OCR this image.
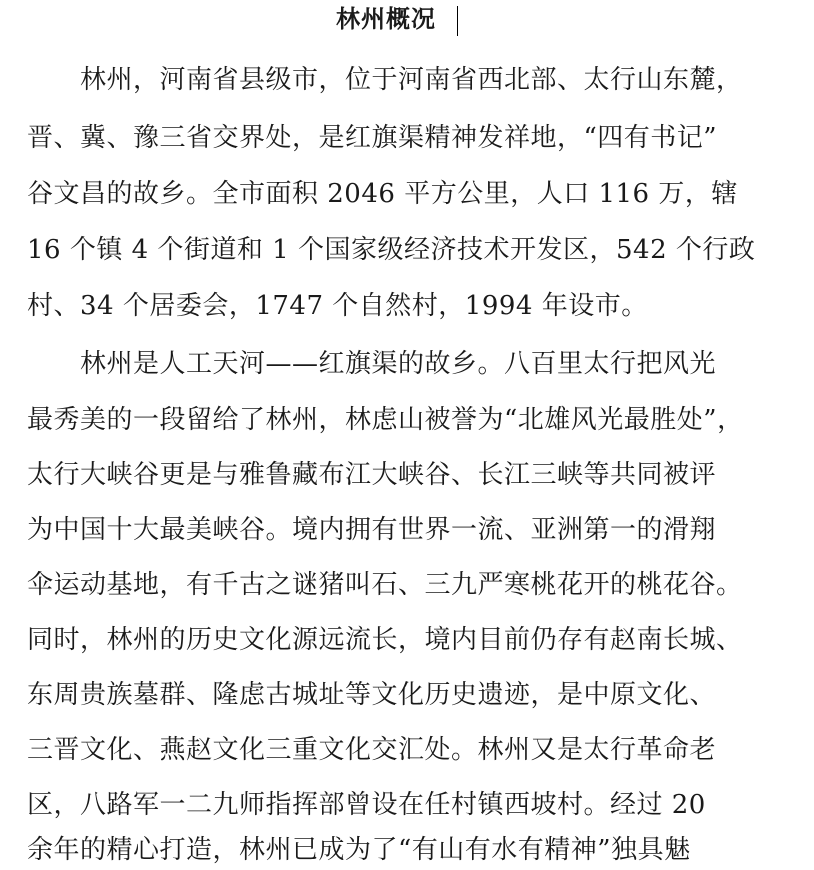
林州概况
林州，河南省县级市，位于河南省西北部、太行山东麓，
晋、冀、豫三省交界处，是红旗渠精神发祥地，“四有书记”
谷文昌的故乡。全市面积 2046 平方公里，人口 116 万，辖
16 个镇 4 个街道和 1 个国家级经济技术开发区，542 个行政
村、34 个居委会，1747 个自然村，1994 年设市。
林州是人工天河——红旗渠的故乡。八百里太行把风光
最秀美的一段留给了林州，林虑山被誉为“北雄风光最胜处”，
太行大峡谷更是与雅鲁藏布江大峡谷、长江三峡等共同被评
为中国十大最美峡谷。境内拥有世界一流、亚洲第一的滑翔
伞运动基地，有千古之谜猪叫石、三九严寒桃花开的桃花谷。
同时，林州的历史文化源远流长，境内目前仍存有赵南长城、
东周贵族墓群、隆虑古城址等文化历史遗迹，是中原文化、
三晋文化、燕赵文化三重文化交汇处。林州又是太行革命老
区，八路军一二九师指挥部曾设在任村镇西坡村。经过 20
余年的精心打造，林州已成为了“有山有水有精神”独具魅
